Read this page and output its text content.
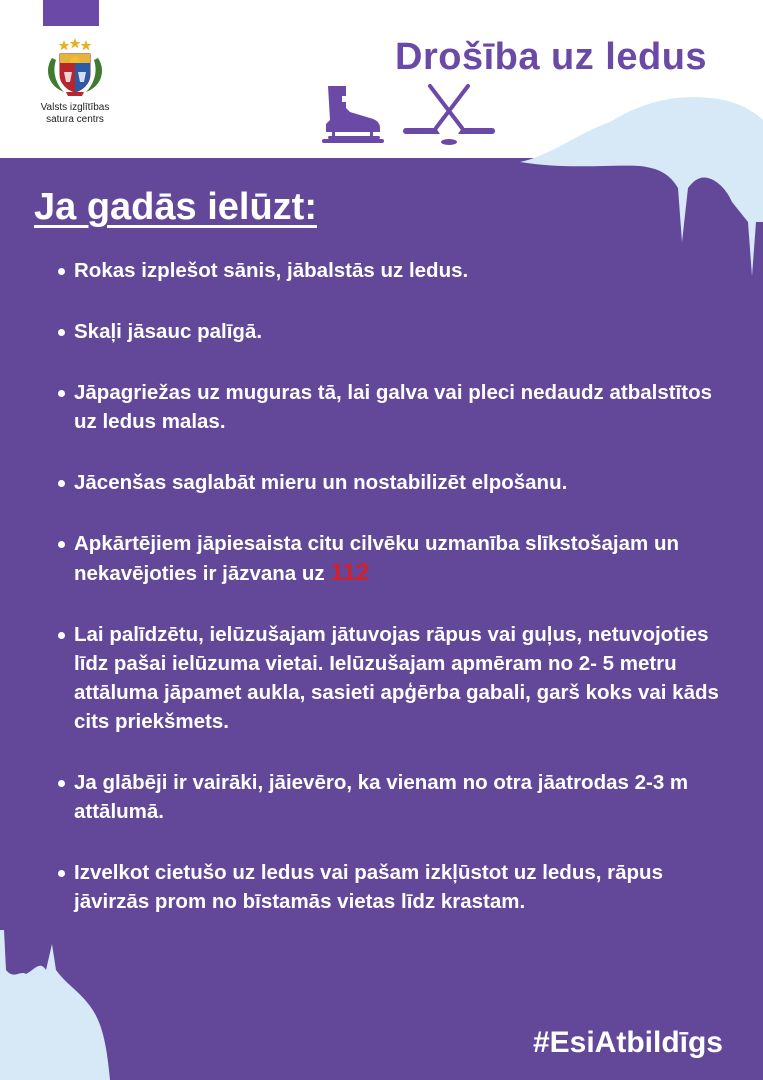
Valsts izglītības
satura centrs
Drošība uz ledus
Ja gadās ielūzt:
Rokas izplešot sānis, jābalstās uz ledus.
Skaļi jāsauc palīgā.
Jāpagriežas uz muguras tā, lai galva vai pleci nedaudz atbalstītos uz ledus malas.
Jācenšas saglabāt mieru un nostabilizēt elpošanu.
Apkārtējiem jāpiesaista citu cilvēku uzmanība slīkstošajam un nekavējoties ir jāzvana uz 112
Lai palīdzētu, ielūzušajam jātuvojas rāpus vai guļus, netuvojoties līdz pašai ielūzuma vietai. Ielūzušajam apmēram no 2- 5 metru attāluma jāpamet aukla, sasieti apģērba gabali, garš koks vai kāds cits priekšmets.
Ja glābēji ir vairāki, jāievēro, ka vienam no otra jāatrodas 2-3 m attālumā.
Izvelkot cietušo uz ledus vai pašam izkļūstot uz ledus, rāpus jāvirzās prom no bīstamās vietas līdz krastam.
#EsiAtbildīgs
